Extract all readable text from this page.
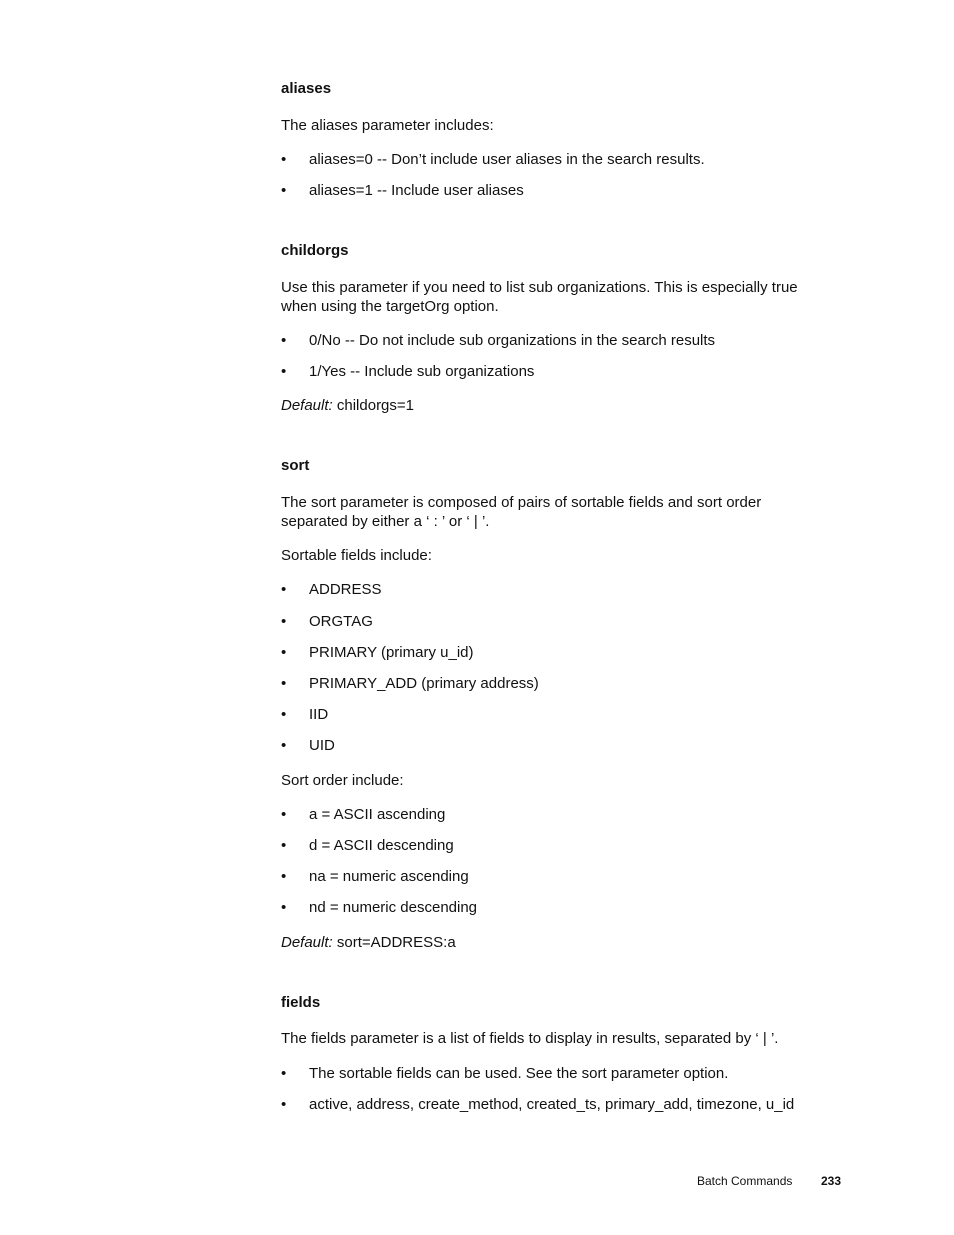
aliases
The aliases parameter includes:
• aliases=0 -- Don’t include user aliases in the search results.
• aliases=1 -- Include user aliases
childorgs
Use this parameter if you need to list sub organizations. This is especially true when using the targetOrg option.
• 0/No -- Do not include sub organizations in the search results
• 1/Yes -- Include sub organizations
Default: childorgs=1
sort
The sort parameter is composed of pairs of sortable fields and sort order separated by either a ‘ : ’ or ‘ | ’.
Sortable fields include:
• ADDRESS
• ORGTAG
• PRIMARY (primary u_id)
• PRIMARY_ADD (primary address)
• IID
• UID
Sort order include:
• a = ASCII ascending
• d = ASCII descending
• na = numeric ascending
• nd = numeric descending
Default: sort=ADDRESS:a
fields
The fields parameter is a list of fields to display in results, separated by ‘ | ’.
• The sortable fields can be used. See the sort parameter option.
• active, address, create_method, created_ts, primary_add, timezone, u_id
Batch Commands 233
